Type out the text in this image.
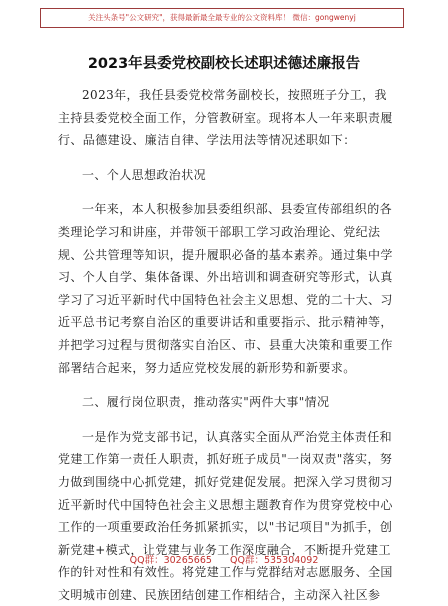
关注头条号"公文研究"，获得最新最全最专业的公文资料库！ 微信：gongwenyj
2023年县委党校副校长述职述德述廉报告

2023年，我任县委党校常务副校长，按照班子分工，我主持县委党校全面工作，分管教研室。现将本人一年来职责履行、品德建设、廉洁自律、学法用法等情况述职如下：

一、个人思想政治状况

一年来，本人积极参加县委组织部、县委宣传部组织的各类理论学习和讲座，并带领干部职工学习政治理论、党纪法规、公共管理等知识，提升履职必备的基本素养。通过集中学习、个人自学、集体备课、外出培训和调查研究等形式，认真学习了习近平新时代中国特色社会主义思想、党的二十大、习近平总书记考察自治区的重要讲话和重要指示、批示精神等，并把学习过程与贯彻落实自治区、市、县重大决策和重要工作部署结合起来，努力适应党校发展的新形势和新要求。

二、履行岗位职责，推动落实"两件大事"情况

一是作为党支部书记，认真落实全面从严治党主体责任和党建工作第一责任人职责，抓好班子成员"一岗双责"落实，努力做到围绕中心抓党建，抓好党建促发展。把深入学习贯彻习近平新时代中国特色社会主义思想主题教育作为贯穿党校中心工作的一项重要政治任务抓紧抓实，以"书记项目"为抓手，创新党建+模式，让党建与业务工作深度融合，不断提升党建工作的针对性和有效性。将党建工作与党群结对志愿服务、全国文明城市创建、民族团结创建工作相结合，主动深入社区参

QQ群：30265665      QQ群：535304092
